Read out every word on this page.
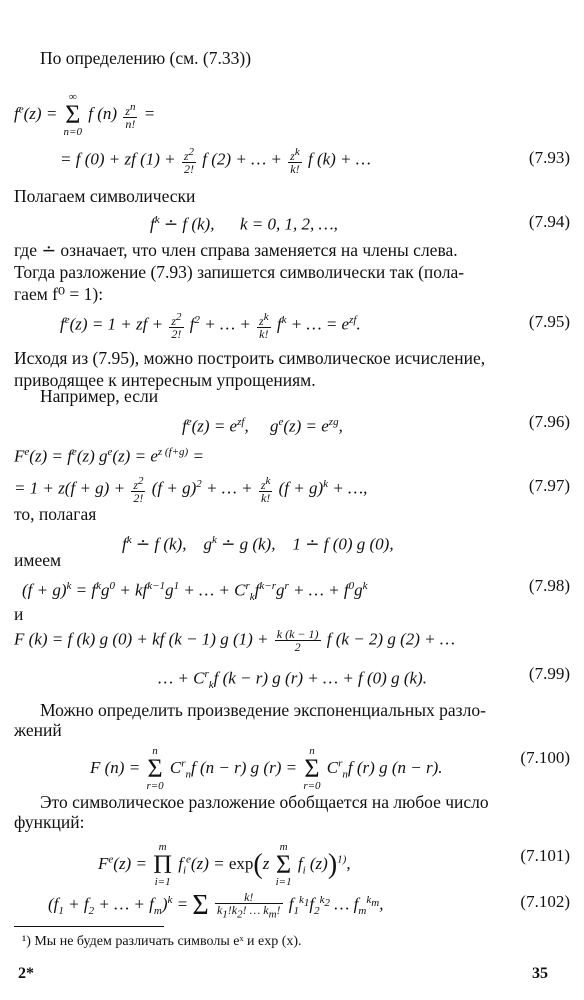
По определению (см. (7.33))
$f^e(z)$ = ∞
Σ
n=0 f $(n) \frac{z^n}{n!}$ =
= f (0) + zf $(1) + \frac{z^2}{2!}$ f (2) + … + $\frac{z^k}{k!}$ f (k) + …	(7.93)
Полагаем символически
$f^k$ ∸ f (k),      k = 0, 1, 2, …,	(7.94)
где ∸ означает, что член справа заменяется на члены слева.
Тогда разложение (7.93) запишется символически так (пола-
гаем f⁰ = 1):
$f^e(z) = 1$ + zf + $\frac{z^2}{2!} f^2$ + … + $\frac{z^k}{k!} f^k$ + … = $e^{zf}$.	(7.95)
Исходя из (7.95), можно построить символическое исчисление,
приводящее к интересным упрощениям.
Например, если
$f^e(z) = e^{zf}$,     $g^e(z) = e^{zg}$,	(7.96)
$F^e(z) = f^e(z) g^e(z) = e^{z (f+g)}$ =
= $1 + z(f + g) + \frac{z^2}{2!} (f + g)^2$ + … + $\frac{z^k}{k!} (f + g)^k$ + …,	(7.97)
то, полагая
$f^k$ ∸ f (k),    $g^k$ ∸ g (k),    1 ∸ f (0) g (0),
имеем
$(f + g)^k = f^kg^0 + kf^{k-1}g^1$ + … + $C^r_kf^{k-r}g^r$ + … + $f^0g^k$	(7.98)
и
F (k) = f (k) g (0) + kf (k − 1) g $(1) + \frac{k (k - 1)}{2}$ f (k − 2) g (2) + …
… + $C^r_kf$ (k − r) g (r) + … + f (0) g (k).	(7.99)
Можно определить произведение экспоненциальных разло-
жений
F (n) = n
Σ
r=0 $C^r_nf$ (n − r) g (r) = n
Σ
r=0 $C^r_nf$ (r) g (n − r).
(7.100)
Это символическое разложение обобщается на любое число
функций:
$F^e(z) = m$
Π
i=1 $f_i^e(z) = \exp(z$ m
Σ
i=1 $f_i$ (z))$^{1)}$,	(7.101)
($f_1 + f_2$ + … + $f_m)^k = \Sigma \frac{k!}{k_1!k_2! \dots k_m!} f_1^{k_1}f_2^{k_2}$ … $f_m^{k_m}$,	(7.102)
¹) Мы не будем различать символы eˣ и exp (x).
2*	35
